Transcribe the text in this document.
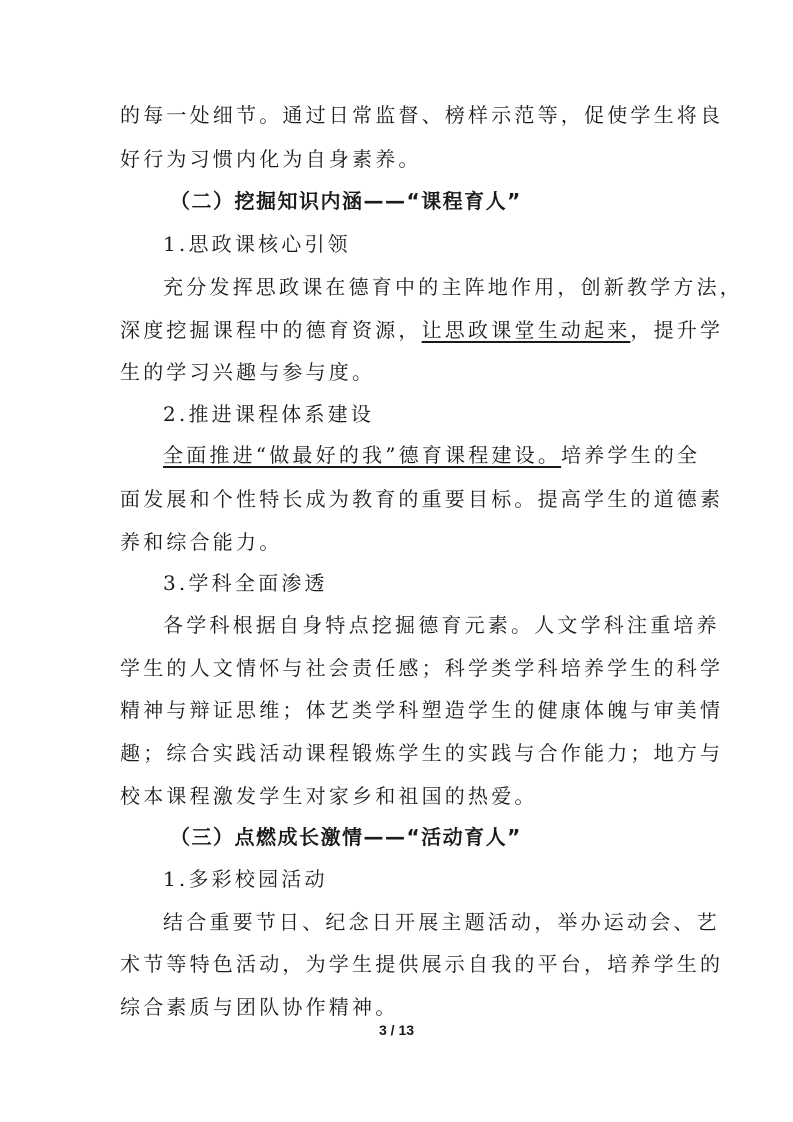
的每一处细节。通过日常监督、榜样示范等，促使学生将良
好行为习惯内化为自身素养。
（二）挖掘知识内涵——“课程育人”
1.思政课核心引领
充分发挥思政课在德育中的主阵地作用，创新教学方法，
深度挖掘课程中的德育资源，让思政课堂生动起来，提升学
生的学习兴趣与参与度。
2.推进课程体系建设
全面推进“做最好的我”德育课程建设。培养学生的全
面发展和个性特长成为教育的重要目标。提高学生的道德素
养和综合能力。
3.学科全面渗透
各学科根据自身特点挖掘德育元素。人文学科注重培养
学生的人文情怀与社会责任感；科学类学科培养学生的科学
精神与辩证思维；体艺类学科塑造学生的健康体魄与审美情
趣；综合实践活动课程锻炼学生的实践与合作能力；地方与
校本课程激发学生对家乡和祖国的热爱。
（三）点燃成长激情——“活动育人”
1.多彩校园活动
结合重要节日、纪念日开展主题活动，举办运动会、艺
术节等特色活动，为学生提供展示自我的平台，培养学生的
综合素质与团队协作精神。
3 / 13
